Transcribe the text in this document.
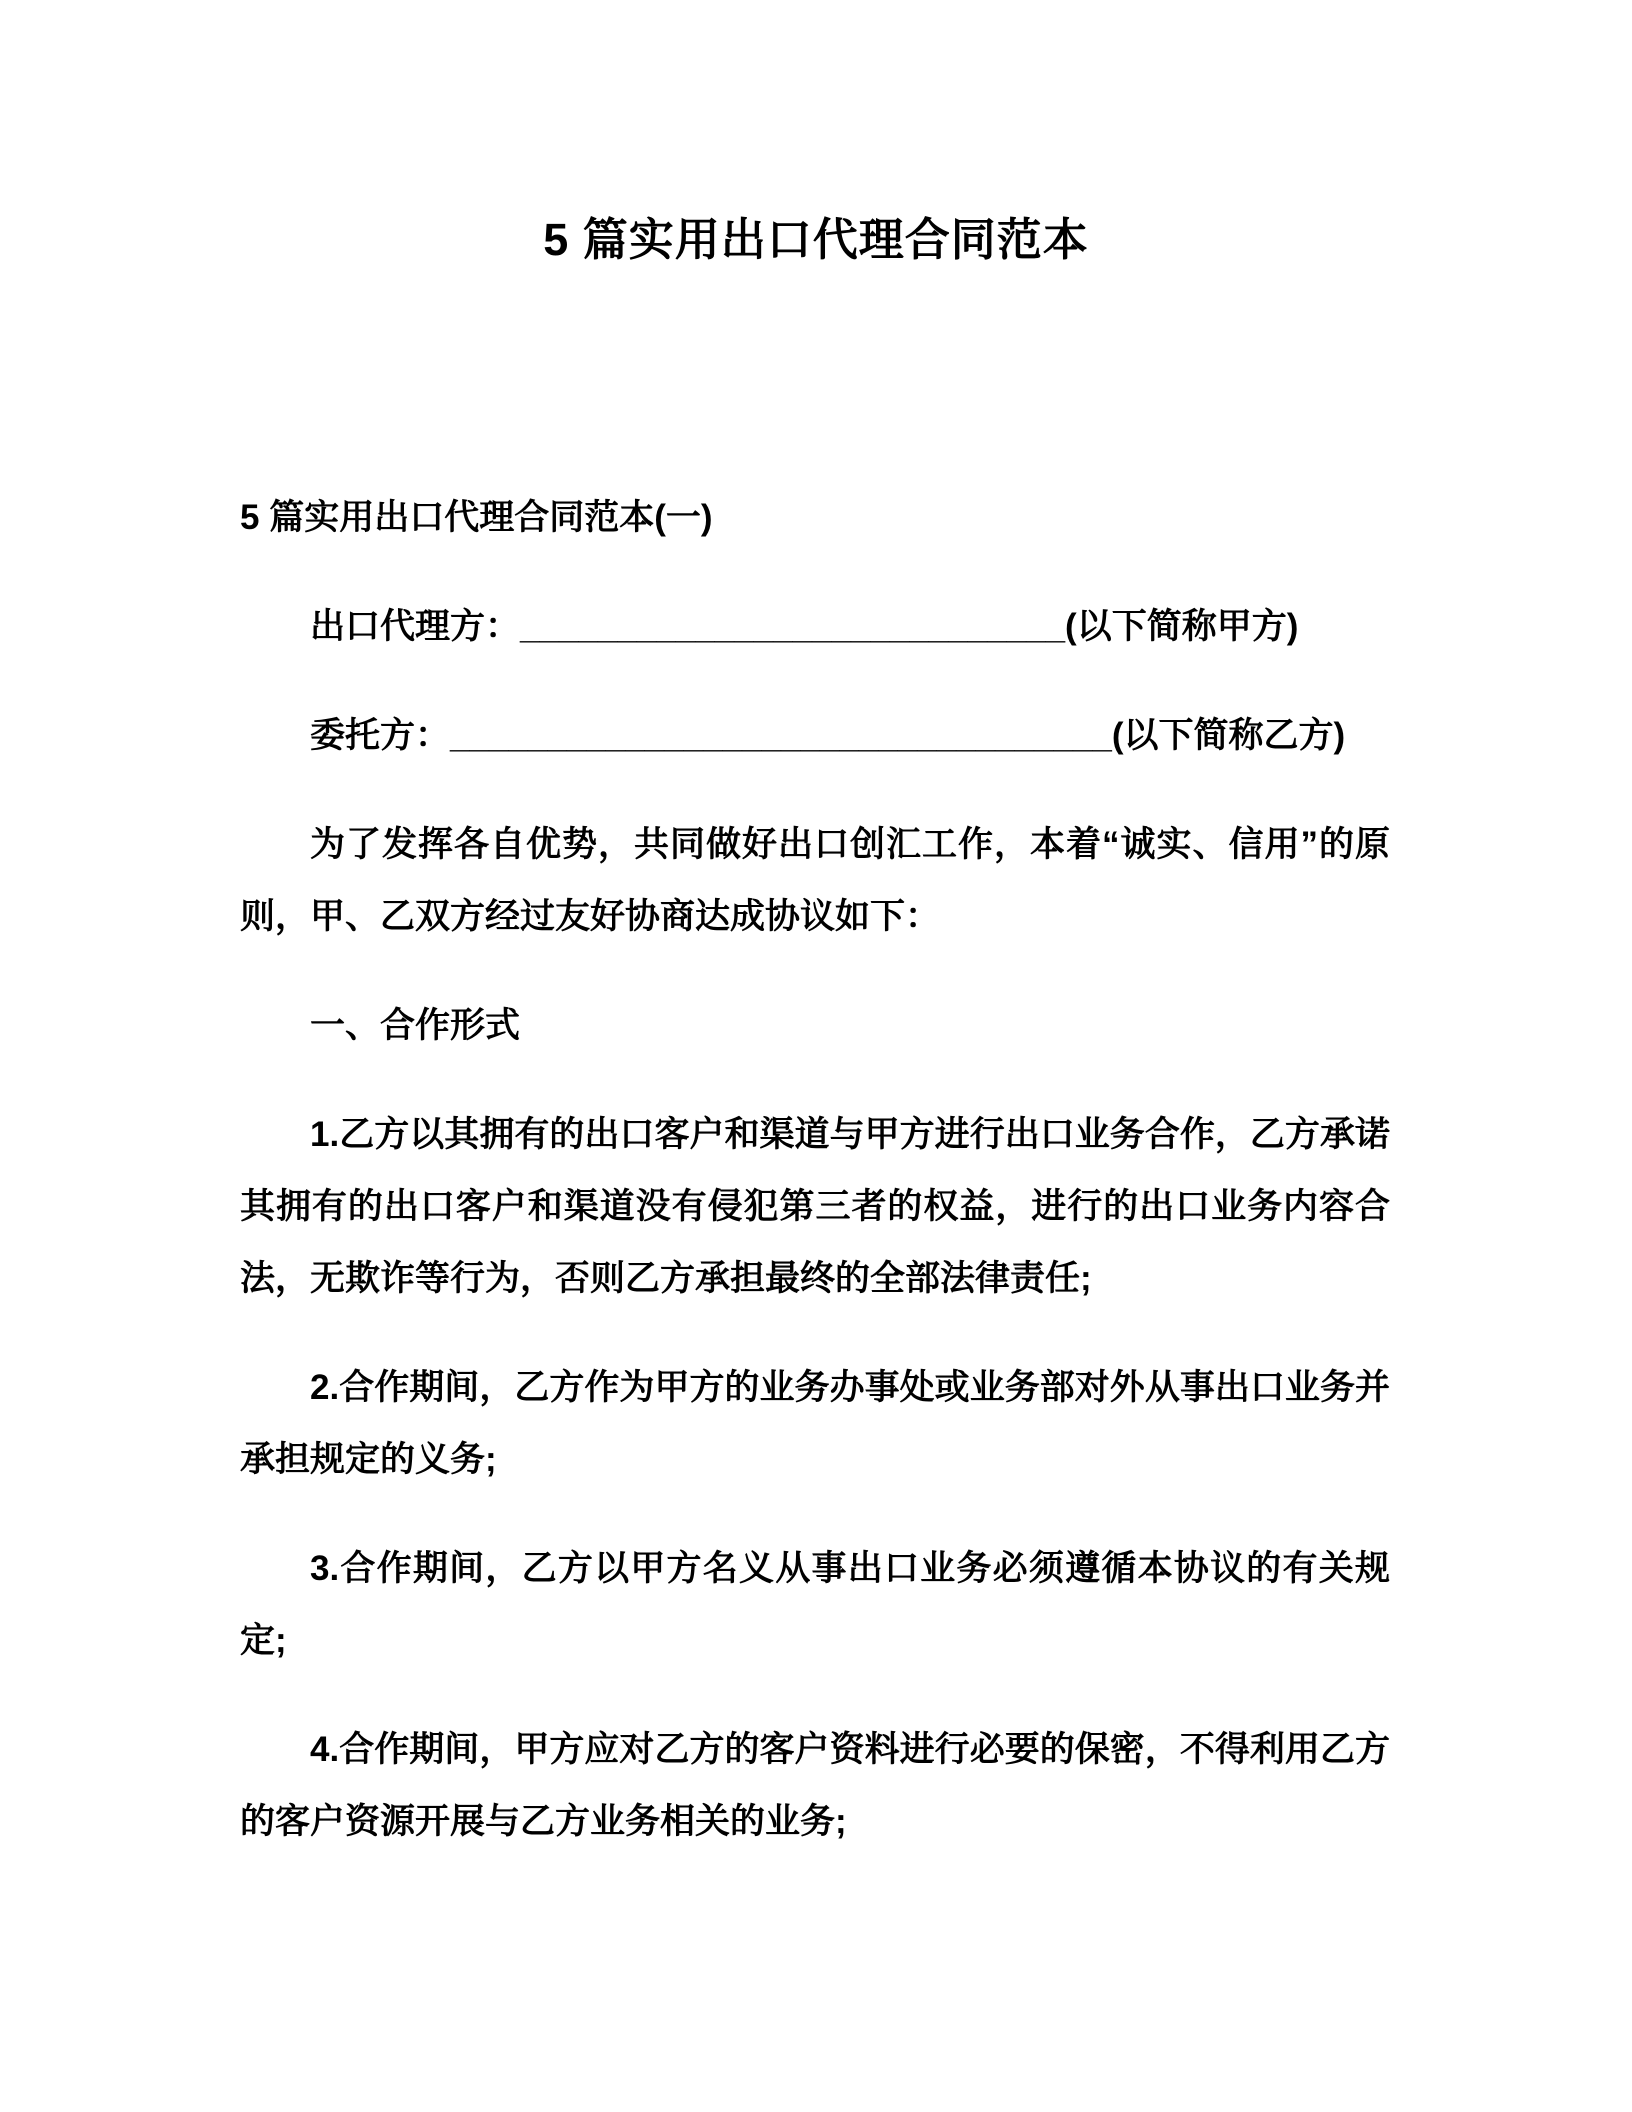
5 篇实用出口代理合同范本
5 篇实用出口代理合同范本(一)

出口代理方：____________________________(以下简称甲方)

委托方：__________________________________(以下简称乙方)

为了发挥各自优势，共同做好出口创汇工作，本着“诚实、信用”的原则，甲、乙双方经过友好协商达成协议如下：

一、合作形式

1.乙方以其拥有的出口客户和渠道与甲方进行出口业务合作，乙方承诺其拥有的出口客户和渠道没有侵犯第三者的权益，进行的出口业务内容合法，无欺诈等行为，否则乙方承担最终的全部法律责任;

2.合作期间，乙方作为甲方的业务办事处或业务部对外从事出口业务并承担规定的义务;

3.合作期间，乙方以甲方名义从事出口业务必须遵循本协议的有关规定;

4.合作期间，甲方应对乙方的客户资料进行必要的保密，不得利用乙方的客户资源开展与乙方业务相关的业务;
